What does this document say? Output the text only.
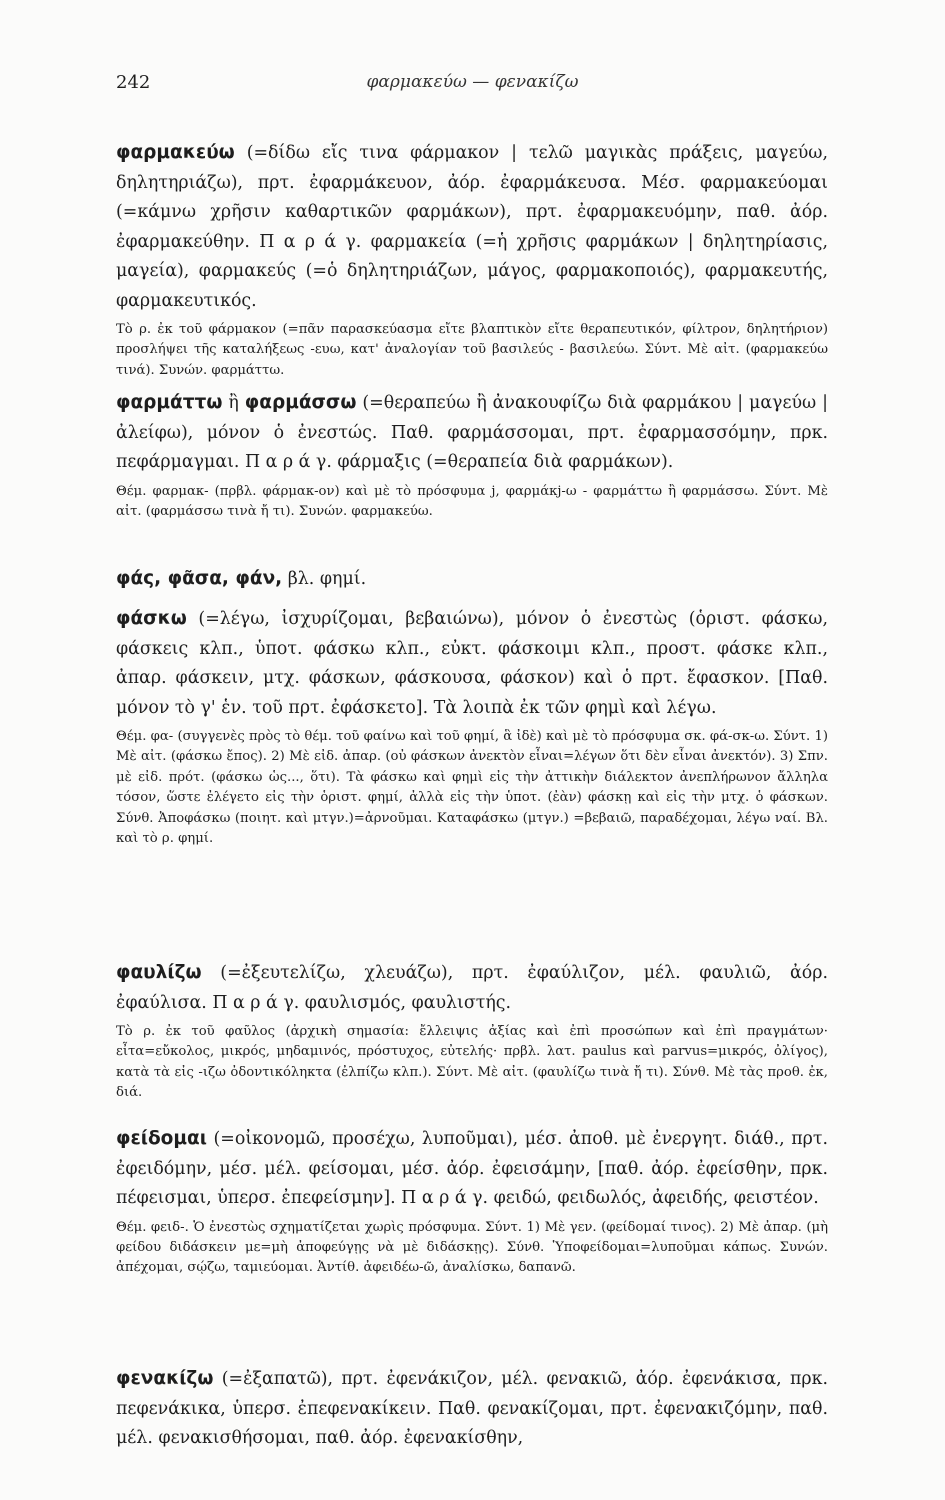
242	φαρμακεύω — φενακίζω
φαρμακεύω (=δίδω εἴς τινα φάρμακον | τελῶ μαγικὰς πράξεις, μαγεύω, δηλητηριάζω), πρτ. ἐφαρμάκευον, ἀόρ. ἐφαρμάκευσα. Μέσ. φαρμακεύομαι (=κάμνω χρῆσιν καθαρτικῶν φαρμάκων), πρτ. ἐφαρμακευόμην, παθ. ἀόρ. ἐφαρμακεύθην. Π α ρ ά γ. φαρμακεία (=ἡ χρῆσις φαρμάκων | δηλητηρίασις, μαγεία), φαρμακεύς (=ὁ δηλητηριάζων, μάγος, φαρμακοποιός), φαρμακευτής, φαρμακευτικός.
Τὸ ρ. ἐκ τοῦ φάρμακον (=πᾶν παρασκεύασμα εἴτε βλαπτικὸν εἴτε θεραπευτικόν, φίλτρον, δηλητήριον) προσλήψει τῆς καταλήξεως -ευω, κατ' ἀναλογίαν τοῦ βασιλεύς - βασιλεύω. Σύντ. Μὲ αἰτ. (φαρμακεύω τινά). Συνών. φαρμάττω.
φαρμάττω ἢ φαρμάσσω (=θεραπεύω ἢ ἀνακουφίζω διὰ φαρμάκου | μαγεύω | ἀλείφω), μόνον ὁ ἐνεστώς. Παθ. φαρμάσσομαι, πρτ. ἐφαρμασσόμην, πρκ. πεφάρμαγμαι. Π α ρ ά γ. φάρμαξις (=θεραπεία διὰ φαρμάκων).
Θέμ. φαρμακ- (πρβλ. φάρμακ-ον) καὶ μὲ τὸ πρόσφυμα j, φαρμάκj-ω - φαρμάττω ἢ φαρμάσσω. Σύντ. Μὲ αἰτ. (φαρμάσσω τινὰ ἤ τι). Συνών. φαρμακεύω.
φάς, φᾶσα, φάν, βλ. φημί.
φάσκω (=λέγω, ἰσχυρίζομαι, βεβαιώνω), μόνον ὁ ἐνεστὼς (ὁριστ. φάσκω, φάσκεις κλπ., ὑποτ. φάσκω κλπ., εὐκτ. φάσκοιμι κλπ., προστ. φάσκε κλπ., ἀπαρ. φάσκειν, μτχ. φάσκων, φάσκουσα, φάσκον) καὶ ὁ πρτ. ἔφασκον. [Παθ. μόνον τὸ γ' ἑν. τοῦ πρτ. ἐφάσκετο]. Τὰ λοιπὰ ἐκ τῶν φημὶ καὶ λέγω.
Θέμ. φα- (συγγενὲς πρὸς τὸ θέμ. τοῦ φαίνω καὶ τοῦ φημί, ἃ ἰδὲ) καὶ μὲ τὸ πρόσφυμα σκ. φά-σκ-ω. Σύντ. 1) Μὲ αἰτ. (φάσκω ἔπος). 2) Μὲ εἰδ. ἀπαρ. (οὐ φάσκων ἀνεκτὸν εἶναι=λέγων ὅτι δὲν εἶναι ἀνεκτόν). 3) Σπν. μὲ εἰδ. πρότ. (φάσκω ὡς..., ὅτι). Τὰ φάσκω καὶ φημὶ εἰς τὴν ἀττικὴν διάλεκτον ἀνεπλήρωνον ἄλληλα τόσον, ὥστε ἐλέγετο εἰς τὴν ὁριστ. φημί, ἀλλὰ εἰς τὴν ὑποτ. (ἐὰν) φάσκῃ καὶ εἰς τὴν μτχ. ὁ φάσκων. Σύνθ. Ἀποφάσκω (ποιητ. καὶ μτγν.)=ἀρνοῦμαι. Καταφάσκω (μτγν.) =βεβαιῶ, παραδέχομαι, λέγω ναί. Βλ. καὶ τὸ ρ. φημί.
φαυλίζω (=ἐξευτελίζω, χλευάζω), πρτ. ἐφαύλιζον, μέλ. φαυλιῶ, ἀόρ. ἐφαύλισα. Π α ρ ά γ. φαυλισμός, φαυλιστής.
Τὸ ρ. ἐκ τοῦ φαῦλος (ἀρχικὴ σημασία: ἔλλειψις ἀξίας καὶ ἐπὶ προσώπων καὶ ἐπὶ πραγμάτων· εἶτα=εὔκολος, μικρός, μηδαμινός, πρόστυχος, εὐτελής· πρβλ. λατ. paulus καὶ parvus=μικρός, ὀλίγος), κατὰ τὰ εἰς -ιζω ὀδοντικόληκτα (ἐλπίζω κλπ.). Σύντ. Μὲ αἰτ. (φαυλίζω τινὰ ἤ τι). Σύνθ. Μὲ τὰς προθ. ἐκ, διά.
φείδομαι (=οἰκονομῶ, προσέχω, λυποῦμαι), μέσ. ἀποθ. μὲ ἐνεργητ. διάθ., πρτ. ἐφειδόμην, μέσ. μέλ. φείσομαι, μέσ. ἀόρ. ἐφεισάμην, [παθ. ἀόρ. ἐφείσθην, πρκ. πέφεισμαι, ὑπερσ. ἐπεφείσμην]. Π α ρ ά γ. φειδώ, φειδωλός, ἀφειδής, φειστέον.
Θέμ. φειδ-. Ὁ ἐνεστὼς σχηματίζεται χωρὶς πρόσφυμα. Σύντ. 1) Μὲ γεν. (φείδομαί τινος). 2) Μὲ ἀπαρ. (μὴ φείδου διδάσκειν με=μὴ ἀποφεύγῃς νὰ μὲ διδάσκῃς). Σύνθ. Ὑποφείδομαι=λυποῦμαι κάπως. Συνών. ἀπέχομαι, σῴζω, ταμιεύομαι. Ἀντίθ. ἀφειδέω-ῶ, ἀναλίσκω, δαπανῶ.
φενακίζω (=ἐξαπατῶ), πρτ. ἐφενάκιζον, μέλ. φενακιῶ, ἀόρ. ἐφενάκισα, πρκ. πεφενάκικα, ὑπερσ. ἐπεφενακίκειν. Παθ. φενακίζομαι, πρτ. ἐφενακιζόμην, παθ. μέλ. φενακισθήσομαι, παθ. ἀόρ. ἐφενακίσθην,
